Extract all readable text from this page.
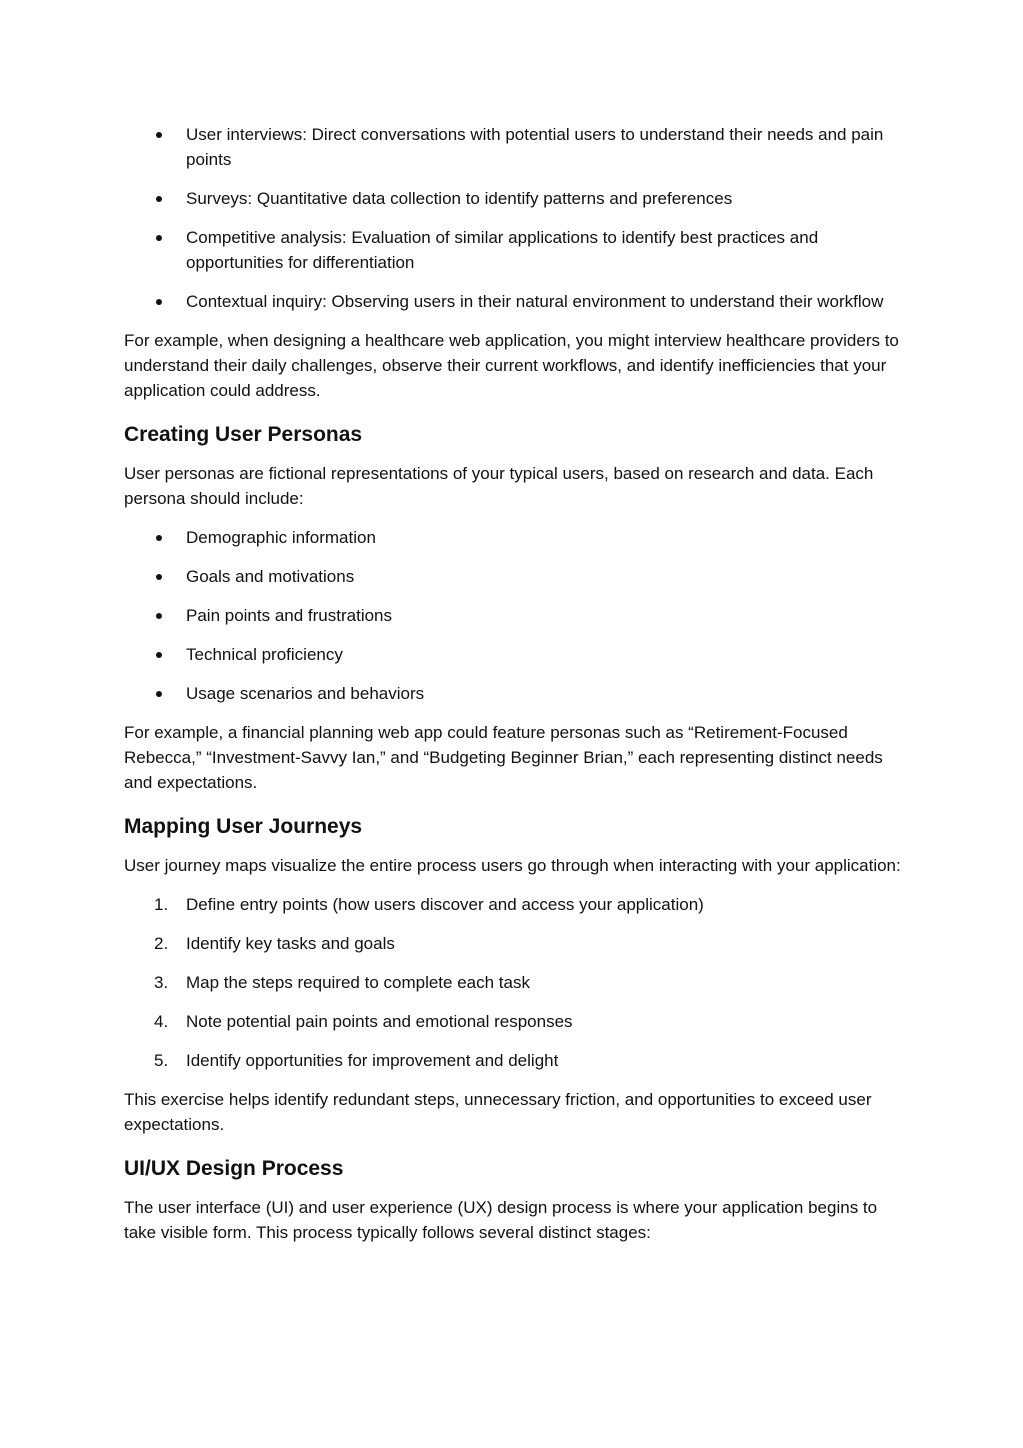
User interviews: Direct conversations with potential users to understand their needs and pain points
Surveys: Quantitative data collection to identify patterns and preferences
Competitive analysis: Evaluation of similar applications to identify best practices and opportunities for differentiation
Contextual inquiry: Observing users in their natural environment to understand their workflow

For example, when designing a healthcare web application, you might interview healthcare providers to understand their daily challenges, observe their current workflows, and identify inefficiencies that your application could address.

Creating User Personas

User personas are fictional representations of your typical users, based on research and data. Each persona should include:

Demographic information
Goals and motivations
Pain points and frustrations
Technical proficiency
Usage scenarios and behaviors

For example, a financial planning web app could feature personas such as “Retirement-Focused Rebecca,” “Investment-Savvy Ian,” and “Budgeting Beginner Brian,” each representing distinct needs and expectations.

Mapping User Journeys

User journey maps visualize the entire process users go through when interacting with your application:

1.	Define entry points (how users discover and access your application)
2.	Identify key tasks and goals
3.	Map the steps required to complete each task
4.	Note potential pain points and emotional responses
5.	Identify opportunities for improvement and delight

This exercise helps identify redundant steps, unnecessary friction, and opportunities to exceed user expectations.

UI/UX Design Process

The user interface (UI) and user experience (UX) design process is where your application begins to take visible form. This process typically follows several distinct stages:
